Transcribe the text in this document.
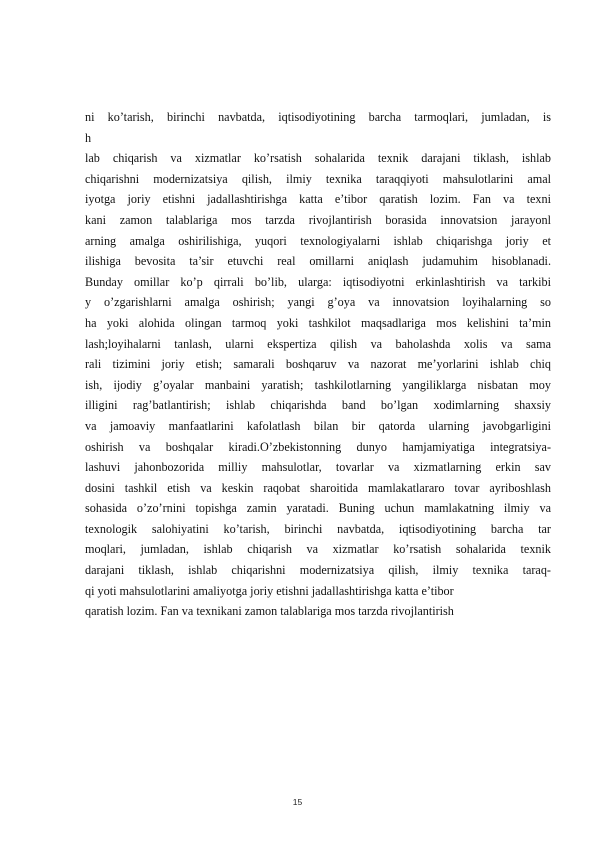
ni ko’tarish, birinchi navbatda, iqtisodiyotining barcha tarmoqlari, jumladan, is
h
lab chiqarish va xizmatlar ko’rsatish sohalarida texnik darajani tiklash, ishlab
chiqarishni modernizatsiya qilish, ilmiy texnika taraqqiyoti mahsulotlarini amal
iyotga joriy etishni jadallashtirishga katta e’tibor qaratish lozim. Fan va texni
kani zamon talablariga mos tarzda rivojlantirish borasida innovatsion jarayonl
arning amalga oshirilishiga, yuqori texnologiyalarni ishlab chiqarishga joriy et
ilishiga bevosita ta’sir etuvchi real omillarni aniqlash judamuhim hisoblanadi.
Bunday omillar ko’p qirrali bo’lib, ularga: iqtisodiyotni erkinlashtirish va tarkibi
y o’zgarishlarni amalga oshirish; yangi g’oya va innovatsion loyihalarning so
ha yoki alohida olingan tarmoq yoki tashkilot maqsadlariga mos kelishini ta’min
lash;loyihalarni tanlash, ularni ekspertiza qilish va baholashda xolis va sama
rali tizimini joriy etish; samarali boshqaruv va nazorat me’yorlarini ishlab chiq
ish, ijodiy g’oyalar manbaini yaratish; tashkilotlarning yangiliklarga nisbatan moy
illigini rag’batlantirish; ishlab chiqarishda band bo’lgan xodimlarning shaxsiy
va jamoaviy manfaatlarini kafolatlash bilan bir qatorda ularning javobgarligini
oshirish va boshqalar kiradi.O’zbekistonning dunyo hamjamiyatiga integratsiya-
lashuvi jahonbozorida milliy mahsulotlar, tovarlar va xizmatlarning erkin sav
dosini tashkil etish va keskin raqobat sharoitida mamlakatlararo tovar ayriboshlash
sohasida o’zo’rnini topishga zamin yaratadi. Buning uchun mamlakatning ilmiy va
texnologik salohiyatini ko’tarish, birinchi navbatda, iqtisodiyotining barcha tar
moqlari, jumladan, ishlab chiqarish va xizmatlar ko’rsatish sohalarida texnik
darajani tiklash, ishlab chiqarishni modernizatsiya qilish, ilmiy texnika taraq-
qi yoti mahsulotlarini amaliyotga joriy etishni jadallashtirishga katta e’tibor
qaratish lozim. Fan va texnikani zamon talablariga mos tarzda rivojlantirish
15
